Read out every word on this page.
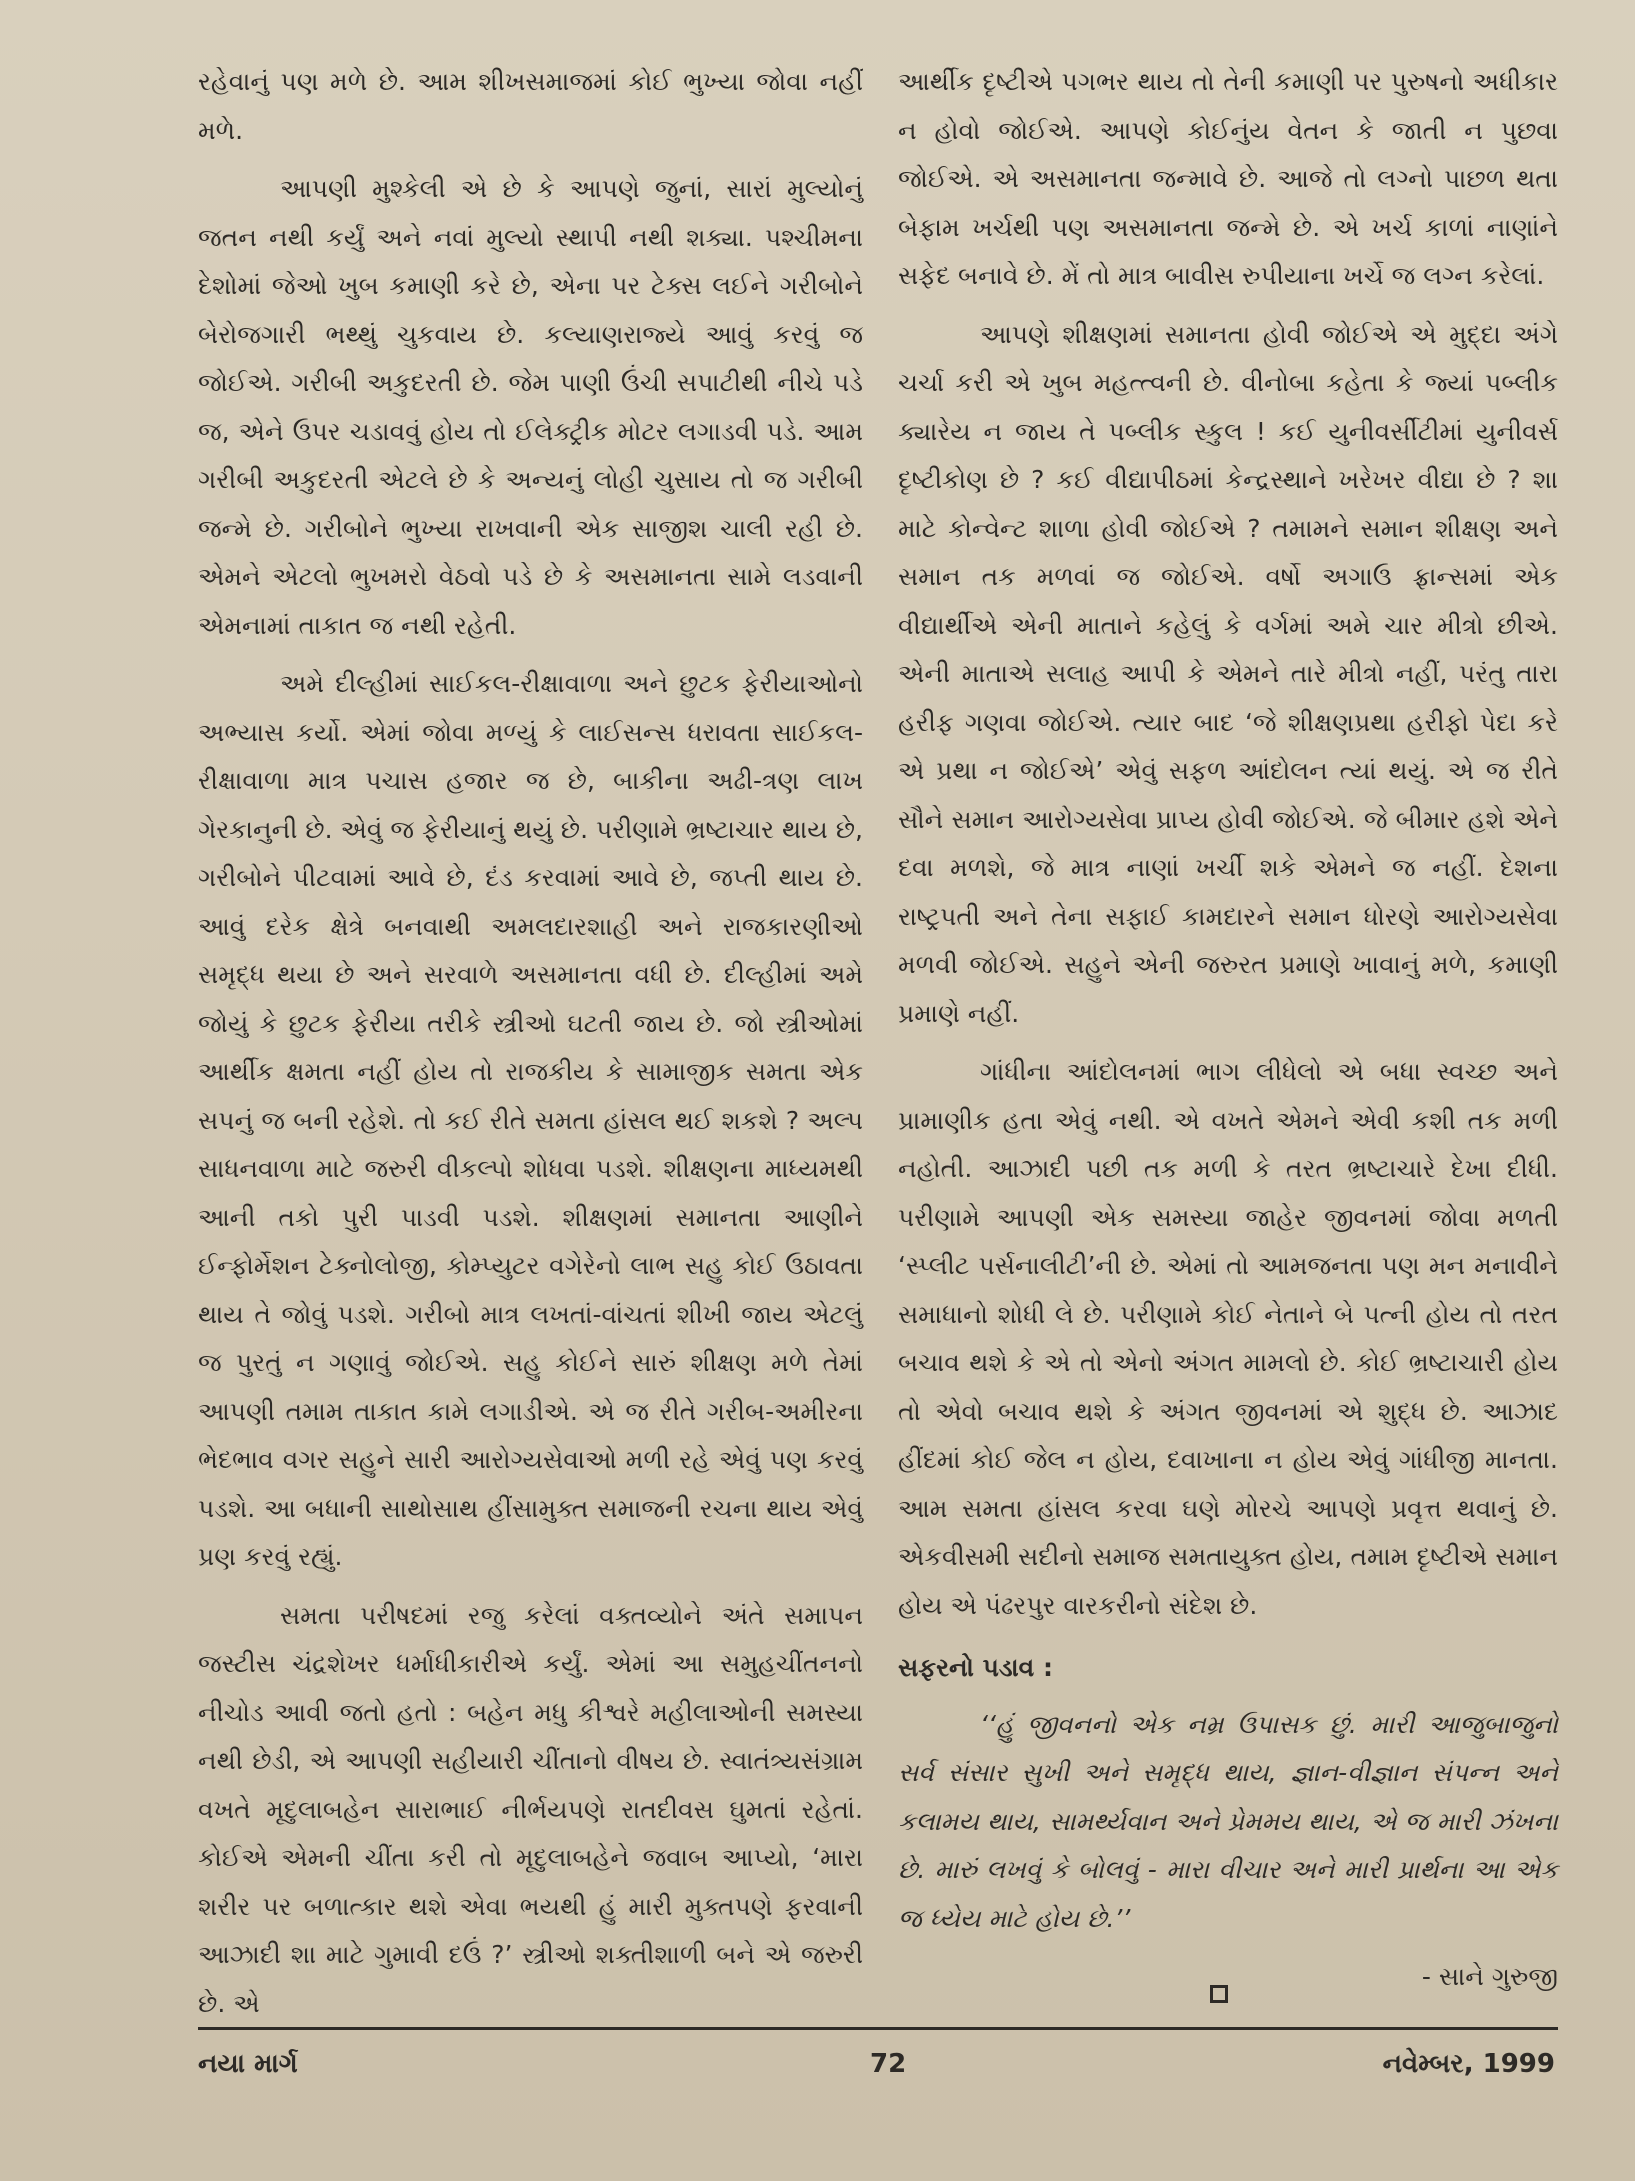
રહેવાનું પણ મળે છે. આમ શીખસમાજમાં કોઈ ભુખ્યા જોવા નહીં મળે.

આપણી મુશ્કેલી એ છે કે આપણે જુનાં, સારાં મુલ્યોનું જતન નથી કર્યું અને નવાં મુલ્યો સ્થાપી નથી શક્યા. પશ્ચીમના દેશોમાં જેઓ ખુબ કમાણી કરે છે, એના પર ટેક્સ લઈને ગરીબોને બેરોજગારી ભથ્થું ચુકવાય છે. કલ્યાણરાજ્યે આવું કરવું જ જોઈએ. ગરીબી અકુદરતી છે. જેમ પાણી ઉંચી સપાટીથી નીચે પડે જ, એને ઉપર ચડાવવું હોય તો ઈલેક્ટ્રીક મોટર લગાડવી પડે. આમ ગરીબી અકુદરતી એટલે છે કે અન્યનું લોહી ચુસાય તો જ ગરીબી જન્મે છે. ગરીબોને ભુખ્યા રાખવાની એક સાજીશ ચાલી રહી છે. એમને એટલો ભુખમરો વેઠવો પડે છે કે અસમાનતા સામે લડવાની એમનામાં તાકાત જ નથી રહેતી.

અમે દીલ્હીમાં સાઈકલ-રીક્ષાવાળા અને છુટક ફેરીયાઓનો અભ્યાસ કર્યો. એમાં જોવા મળ્યું કે લાઈસન્સ ધરાવતા સાઈકલ-રીક્ષાવાળા માત્ર પચાસ હજાર જ છે, બાકીના અઢી-ત્રણ લાખ ગેરકાનુની છે. એવું જ ફેરીયાનું થયું છે. પરીણામે ભ્રષ્ટાચાર થાય છે, ગરીબોને પીટવામાં આવે છે, દંડ કરવામાં આવે છે, જપ્તી થાય છે. આવું દરેક ક્ષેત્રે બનવાથી અમલદારશાહી અને રાજકારણીઓ સમૃદ્ધ થયા છે અને સરવાળે અસમાનતા વધી છે. દીલ્હીમાં અમે જોયું કે છુટક ફેરીયા તરીકે સ્ત્રીઓ ઘટતી જાય છે. જો સ્ત્રીઓમાં આર્થીક ક્ષમતા નહીં હોય તો રાજકીય કે સામાજીક સમતા એક સપનું જ બની રહેશે. તો કઈ રીતે સમતા હાંસલ થઈ શકશે ? અલ્પ સાધનવાળા માટે જરુરી વીકલ્પો શોધવા પડશે. શીક્ષણના માધ્યમથી આની તકો પુરી પાડવી પડશે. શીક્ષણમાં સમાનતા આણીને ઈન્ફોર્મેશન ટેક્નોલોજી, કોમ્પ્યુટર વગેરેનો લાભ સહુ કોઈ ઉઠાવતા થાય તે જોવું પડશે. ગરીબો માત્ર લખતાં-વાંચતાં શીખી જાય એટલું જ પુરતું ન ગણાવું જોઈએ. સહુ કોઈને સારું શીક્ષણ મળે તેમાં આપણી તમામ તાકાત કામે લગાડીએ. એ જ રીતે ગરીબ-અમીરના ભેદભાવ વગર સહુને સારી આરોગ્યસેવાઓ મળી રહે એવું પણ કરવું પડશે. આ બધાની સાથોસાથ હીંસામુક્ત સમાજની રચના થાય એવું પ્રણ કરવું રહ્યું.

સમતા પરીષદમાં રજુ કરેલાં વક્તવ્યોને અંતે સમાપન જસ્ટીસ ચંદ્રશેખર ધર્માધીકારીએ કર્યું. એમાં આ સમુહચીંતનનો નીચોડ આવી જતો હતો : બહેન મધુ કીશ્વરે મહીલાઓની સમસ્યા નથી છેડી, એ આપણી સહીયારી ચીંતાનો વીષય છે. સ્વાતંત્ર્યસંગ્રામ વખતે મૃદુલાબહેન સારાભાઈ નીર્ભયપણે રાતદીવસ ઘુમતાં રહેતાં. કોઈએ એમની ચીંતા કરી તો મૃદુલાબહેને જવાબ આપ્યો, ‘મારા શરીર પર બળાત્કાર થશે એવા ભયથી હું મારી મુક્તપણે ફરવાની આઝાદી શા માટે ગુમાવી દઉં ?’ સ્ત્રીઓ શક્તીશાળી બને એ જરુરી છે. એ

આર્થીક દૃષ્ટીએ પગભર થાય તો તેની કમાણી પર પુરુષનો અધીકાર ન હોવો જોઈએ. આપણે કોઈનુંય વેતન કે જાતી ન પુછવા જોઈએ. એ અસમાનતા જન્માવે છે. આજે તો લગ્નો પાછળ થતા બેફામ ખર્ચથી પણ અસમાનતા જન્મે છે. એ ખર્ચ કાળાં નાણાંને સફેદ બનાવે છે. મેં તો માત્ર બાવીસ રુપીયાના ખર્ચે જ લગ્ન કરેલાં.

આપણે શીક્ષણમાં સમાનતા હોવી જોઈએ એ મુદ્દા અંગે ચર્ચા કરી એ ખુબ મહત્ત્વની છે. વીનોબા કહેતા કે જ્યાં પબ્લીક ક્યારેય ન જાય તે પબ્લીક સ્કુલ ! કઈ યુનીવર્સીટીમાં યુનીવર્સ દૃષ્ટીકોણ છે ? કઈ વીદ્યાપીઠમાં કેન્દ્રસ્થાને ખરેખર વીદ્યા છે ? શા માટે કોન્વેન્ટ શાળા હોવી જોઈએ ? તમામને સમાન શીક્ષણ અને સમાન તક મળવાં જ જોઈએ. વર્ષો અગાઉ ફ્રાન્સમાં એક વીદ્યાર્થીએ એની માતાને કહેલું કે વર્ગમાં અમે ચાર મીત્રો છીએ. એની માતાએ સલાહ આપી કે એમને તારે મીત્રો નહીં, પરંતુ તારા હરીફ ગણવા જોઈએ. ત્યાર બાદ ‘જે શીક્ષણપ્રથા હરીફો પેદા કરે એ પ્રથા ન જોઈએ’ એવું સફળ આંદોલન ત્યાં થયું. એ જ રીતે સૌને સમાન આરોગ્યસેવા પ્રાપ્ય હોવી જોઈએ. જે બીમાર હશે એને દવા મળશે, જે માત્ર નાણાં ખર્ચી શકે એમને જ નહીં. દેશના રાષ્ટ્રપતી અને તેના સફાઈ કામદારને સમાન ધોરણે આરોગ્યસેવા મળવી જોઈએ. સહુને એની જરુરત પ્રમાણે ખાવાનું મળે, કમાણી પ્રમાણે નહીં.

ગાંધીના આંદોલનમાં ભાગ લીધેલો એ બધા સ્વચ્છ અને પ્રામાણીક હતા એવું નથી. એ વખતે એમને એવી કશી તક મળી નહોતી. આઝાદી પછી તક મળી કે તરત ભ્રષ્ટાચારે દેખા દીધી. પરીણામે આપણી એક સમસ્યા જાહેર જીવનમાં જોવા મળતી ‘સ્પ્લીટ પર્સનાલીટી’ની છે. એમાં તો આમજનતા પણ મન મનાવીને સમાધાનો શોધી લે છે. પરીણામે કોઈ નેતાને બે પત્ની હોય તો તરત બચાવ થશે કે એ તો એનો અંગત મામલો છે. કોઈ ભ્રષ્ટાચારી હોય તો એવો બચાવ થશે કે અંગત જીવનમાં એ શુદ્ધ છે. આઝાદ હીંદમાં કોઈ જેલ ન હોય, દવાખાના ન હોય એવું ગાંધીજી માનતા. આમ સમતા હાંસલ કરવા ઘણે મોરચે આપણે પ્રવૃત્ત થવાનું છે. એકવીસમી સદીનો સમાજ સમતાયુક્ત હોય, તમામ દૃષ્ટીએ સમાન હોય એ પંઢરપુર વારકરીનો સંદેશ છે.

સફરનો પડાવ :

‘‘હું જીવનનો એક નમ્ર ઉપાસક છું. મારી આજુબાજુનો સર્વ સંસાર સુખી અને સમૃદ્ધ થાય, જ્ઞાન-વીજ્ઞાન સંપન્ન અને કલામય થાય, સામર્થ્યવાન અને પ્રેમમય થાય, એ જ મારી ઝંખના છે. મારું લખવું કે બોલવું - મારા વીચાર અને મારી પ્રાર્થના આ એક જ ધ્યેય માટે હોય છે.’’

- સાને ગુરુજી

નયા માર્ગ	72	નવેમ્બર, 1999
